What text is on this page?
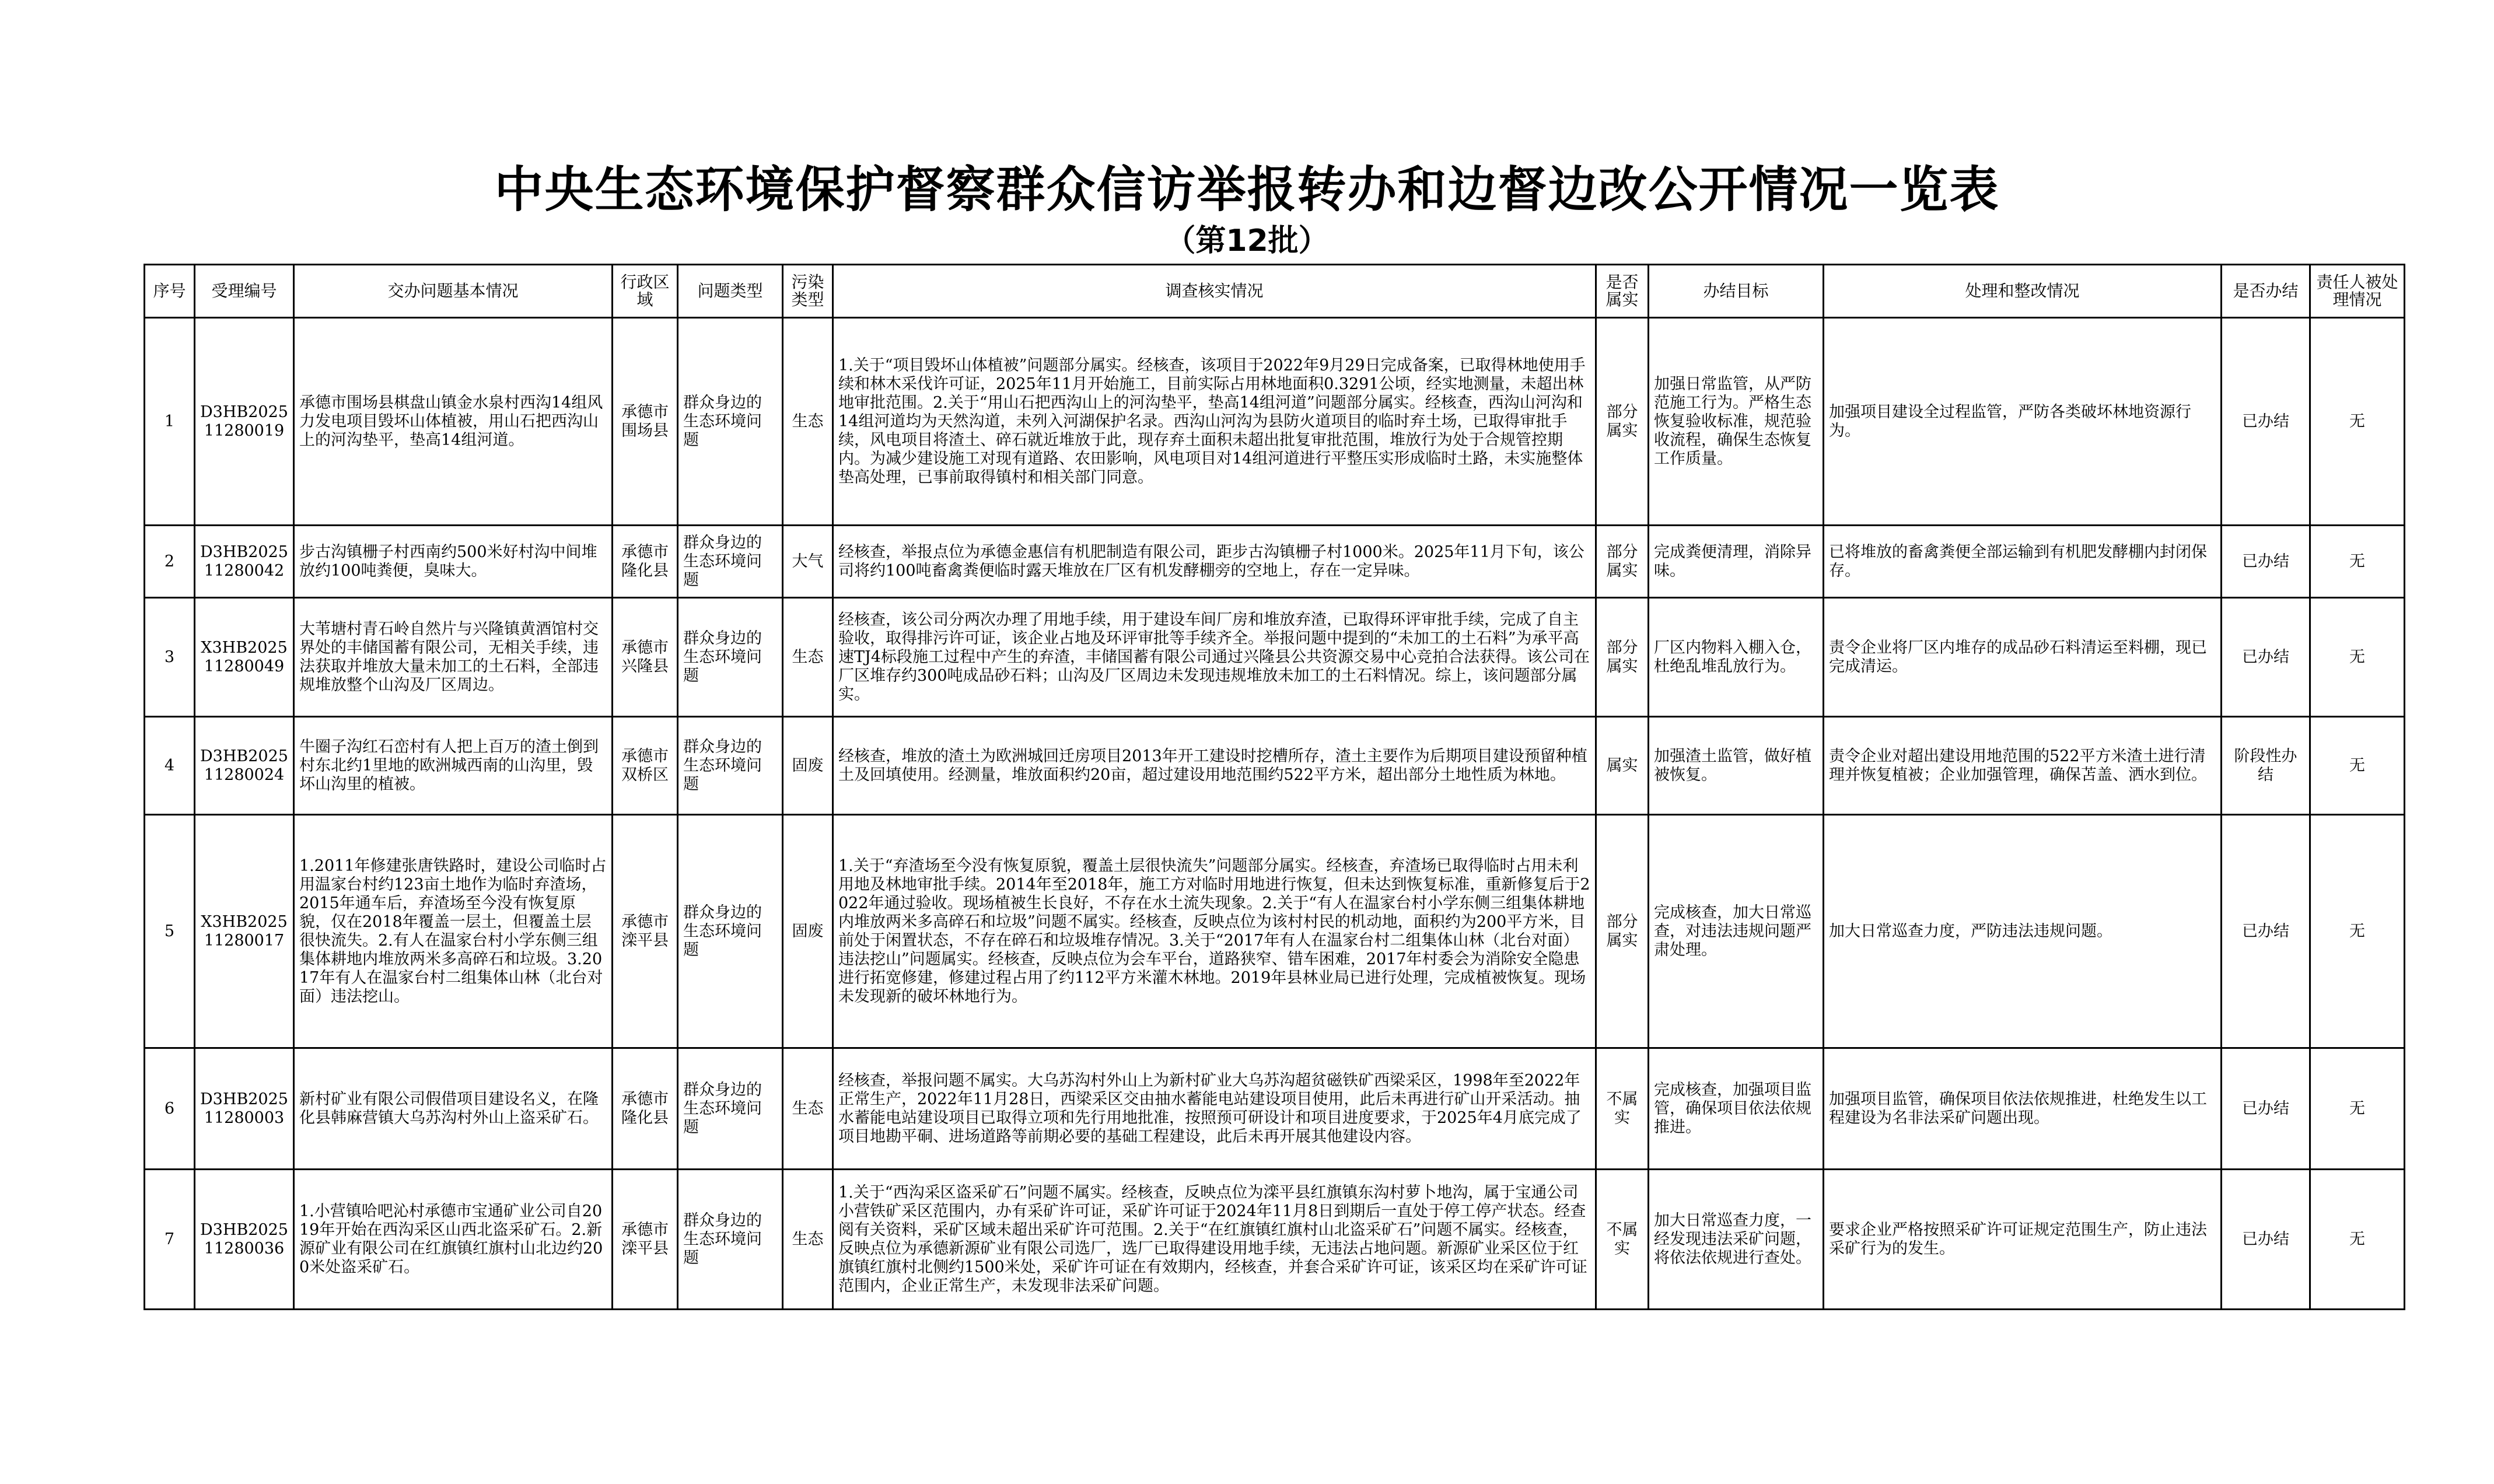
中央生态环境保护督察群众信访举报转办和边督边改公开情况一览表
（第12批）
序号	受理编号	交办问题基本情况	行政区域	问题类型	污染类型	调查核实情况	是否属实	办结目标	处理和整改情况	是否办结	责任人被处理情况
1	D3HB202511280019	承德市围场县棋盘山镇金水泉村西沟14组风力发电项目毁坏山体植被，用山石把西沟山上的河沟垫平，垫高14组河道。	承德市围场县	群众身边的生态环境问题	生态	1.关于“项目毁坏山体植被”问题部分属实。经核查，该项目于2022年9月29日完成备案，已取得林地使用手续和林木采伐许可证，2025年11月开始施工，目前实际占用林地面积0.3291公顷，经实地测量，未超出林地审批范围。2.关于“用山石把西沟山上的河沟垫平，垫高14组河道”问题部分属实。经核查，西沟山河沟和14组河道均为天然沟道，未列入河湖保护名录。西沟山河沟为县防火道项目的临时弃土场，已取得审批手续，风电项目将渣土、碎石就近堆放于此，现存弃土面积未超出批复审批范围，堆放行为处于合规管控期内。为减少建设施工对现有道路、农田影响，风电项目对14组河道进行平整压实形成临时土路，未实施整体垫高处理，已事前取得镇村和相关部门同意。	部分属实	加强日常监管，从严防范施工行为。严格生态恢复验收标准，规范验收流程，确保生态恢复工作质量。	加强项目建设全过程监管，严防各类破坏林地资源行为。	已办结	无
2	D3HB202511280042	步古沟镇栅子村西南约500米好村沟中间堆放约100吨粪便，臭味大。	承德市隆化县	群众身边的生态环境问题	大气	经核查，举报点位为承德金惠信有机肥制造有限公司，距步古沟镇栅子村1000米。2025年11月下旬，该公司将约100吨畜禽粪便临时露天堆放在厂区有机发酵棚旁的空地上，存在一定异味。	部分属实	完成粪便清理，消除异味。	已将堆放的畜禽粪便全部运输到有机肥发酵棚内封闭保存。	已办结	无
3	X3HB202511280049	大苇塘村青石岭自然片与兴隆镇黄酒馆村交界处的丰储国蓄有限公司，无相关手续，违法获取并堆放大量未加工的土石料，全部违规堆放整个山沟及厂区周边。	承德市兴隆县	群众身边的生态环境问题	生态	经核查，该公司分两次办理了用地手续，用于建设车间厂房和堆放弃渣，已取得环评审批手续，完成了自主验收，取得排污许可证，该企业占地及环评审批等手续齐全。举报问题中提到的“未加工的土石料”为承平高速TJ4标段施工过程中产生的弃渣，丰储国蓄有限公司通过兴隆县公共资源交易中心竞拍合法获得。该公司在厂区堆存约300吨成品砂石料；山沟及厂区周边未发现违规堆放未加工的土石料情况。综上，该问题部分属实。	部分属实	厂区内物料入棚入仓，杜绝乱堆乱放行为。	责令企业将厂区内堆存的成品砂石料清运至料棚，现已完成清运。	已办结	无
4	D3HB202511280024	牛圈子沟红石峦村有人把上百万的渣土倒到村东北约1里地的欧洲城西南的山沟里，毁坏山沟里的植被。	承德市双桥区	群众身边的生态环境问题	固废	经核查，堆放的渣土为欧洲城回迁房项目2013年开工建设时挖槽所存，渣土主要作为后期项目建设预留种植土及回填使用。经测量，堆放面积约20亩，超过建设用地范围约522平方米，超出部分土地性质为林地。	属实	加强渣土监管，做好植被恢复。	责令企业对超出建设用地范围的522平方米渣土进行清理并恢复植被；企业加强管理，确保苫盖、洒水到位。	阶段性办结	无
5	X3HB202511280017	1.2011年修建张唐铁路时，建设公司临时占用温家台村约123亩土地作为临时弃渣场，2015年通车后，弃渣场至今没有恢复原貌，仅在2018年覆盖一层土，但覆盖土层很快流失。2.有人在温家台村小学东侧三组集体耕地内堆放两米多高碎石和垃圾。3.2017年有人在温家台村二组集体山林（北台对面）违法挖山。	承德市滦平县	群众身边的生态环境问题	固废	1.关于“弃渣场至今没有恢复原貌，覆盖土层很快流失”问题部分属实。经核查，弃渣场已取得临时占用未利用地及林地审批手续。2014年至2018年，施工方对临时用地进行恢复，但未达到恢复标准，重新修复后于2022年通过验收。现场植被生长良好，不存在水土流失现象。2.关于“有人在温家台村小学东侧三组集体耕地内堆放两米多高碎石和垃圾”问题不属实。经核查，反映点位为该村村民的机动地，面积约为200平方米，目前处于闲置状态，不存在碎石和垃圾堆存情况。3.关于“2017年有人在温家台村二组集体山林（北台对面）违法挖山”问题属实。经核查，反映点位为会车平台，道路狭窄、错车困难，2017年村委会为消除安全隐患进行拓宽修建，修建过程占用了约112平方米灌木林地。2019年县林业局已进行处理，完成植被恢复。现场未发现新的破坏林地行为。	部分属实	完成核查，加大日常巡查，对违法违规问题严肃处理。	加大日常巡查力度，严防违法违规问题。	已办结	无
6	D3HB202511280003	新村矿业有限公司假借项目建设名义，在隆化县韩麻营镇大乌苏沟村外山上盗采矿石。	承德市隆化县	群众身边的生态环境问题	生态	经核查，举报问题不属实。大乌苏沟村外山上为新村矿业大乌苏沟超贫磁铁矿西梁采区，1998年至2022年正常生产，2022年11月28日，西梁采区交由抽水蓄能电站建设项目使用，此后未再进行矿山开采活动。抽水蓄能电站建设项目已取得立项和先行用地批准，按照预可研设计和项目进度要求，于2025年4月底完成了项目地勘平硐、进场道路等前期必要的基础工程建设，此后未再开展其他建设内容。	不属实	完成核查，加强项目监管，确保项目依法依规推进。	加强项目监管，确保项目依法依规推进，杜绝发生以工程建设为名非法采矿问题出现。	已办结	无
7	D3HB202511280036	1.小营镇哈吧沁村承德市宝通矿业公司自2019年开始在西沟采区山西北盗采矿石。2.新源矿业有限公司在红旗镇红旗村山北边约200米处盗采矿石。	承德市滦平县	群众身边的生态环境问题	生态	1.关于“西沟采区盗采矿石”问题不属实。经核查，反映点位为滦平县红旗镇东沟村萝卜地沟，属于宝通公司小营铁矿采区范围内，办有采矿许可证，采矿许可证于2024年11月8日到期后一直处于停工停产状态。经查阅有关资料，采矿区域未超出采矿许可范围。2.关于“在红旗镇红旗村山北盗采矿石”问题不属实。经核查，反映点位为承德新源矿业有限公司选厂，选厂已取得建设用地手续，无违法占地问题。新源矿业采区位于红旗镇红旗村北侧约1500米处，采矿许可证在有效期内，经核查，并套合采矿许可证，该采区均在采矿许可证范围内，企业正常生产，未发现非法采矿问题。	不属实	加大日常巡查力度，一经发现违法采矿问题，将依法依规进行查处。	要求企业严格按照采矿许可证规定范围生产，防止违法采矿行为的发生。	已办结	无
